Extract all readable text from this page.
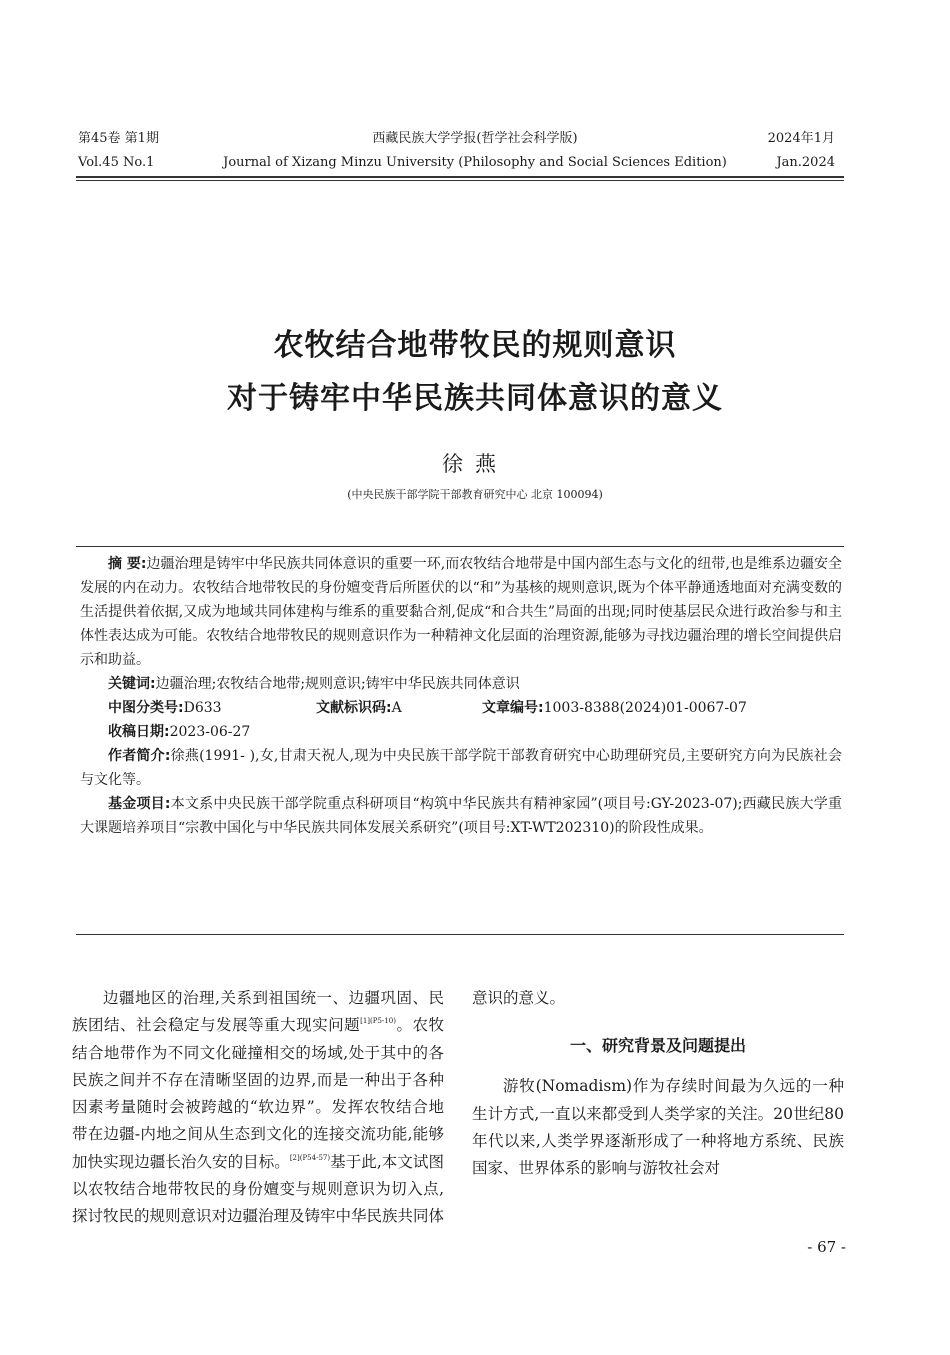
第45卷 第1期	西藏民族大学学报(哲学社会科学版)	2024年1月
Vol.45 No.1	Journal of Xizang Minzu University (Philosophy and Social Sciences Edition)	Jan.2024
农牧结合地带牧民的规则意识
对于铸牢中华民族共同体意识的意义
徐燕
(中央民族干部学院干部教育研究中心 北京 100094)

摘 要:边疆治理是铸牢中华民族共同体意识的重要一环,而农牧结合地带是中国内部生态与文化的纽带,也是维系边疆安全发展的内在动力。农牧结合地带牧民的身份嬗变背后所匿伏的以“和”为基核的规则意识,既为个体平静通透地面对充满变数的生活提供着依据,又成为地域共同体建构与维系的重要黏合剂,促成“和合共生”局面的出现;同时使基层民众进行政治参与和主体性表达成为可能。农牧结合地带牧民的规则意识作为一种精神文化层面的治理资源,能够为寻找边疆治理的增长空间提供启示和助益。

关键词:边疆治理;农牧结合地带;规则意识;铸牢中华民族共同体意识

中图分类号:D633	文献标识码:A	文章编号:1003-8388(2024)01-0067-07

收稿日期:2023-06-27

作者简介:徐燕(1991- ),女,甘肃天祝人,现为中央民族干部学院干部教育研究中心助理研究员,主要研究方向为民族社会与文化等。

基金项目:本文系中央民族干部学院重点科研项目“构筑中华民族共有精神家园”(项目号:GY-2023-07);西藏民族大学重大课题培养项目“宗教中国化与中华民族共同体发展关系研究”(项目号:XT-WT202310)的阶段性成果。

边疆地区的治理,关系到祖国统一、边疆巩固、民族团结、社会稳定与发展等重大现实问题$^{[1](P5-10)}$。农牧结合地带作为不同文化碰撞相交的场域,处于其中的各民族之间并不存在清晰坚固的边界,而是一种出于各种因素考量随时会被跨越的“软边界”。发挥农牧结合地带在边疆-内地之间从生态到文化的连接交流功能,能够加快实现边疆长治久安的目标。$^{[2](P54-57)}$基于此,本文试图以农牧结合地带牧民的身份嬗变与规则意识为切入点,探讨牧民的规则意识对边疆治理及铸牢中华民族共同体

意识的意义。

一、研究背景及问题提出

游牧(Nomadism)作为存续时间最为久远的一种生计方式,一直以来都受到人类学家的关注。20世纪80年代以来,人类学界逐渐形成了一种将地方系统、民族国家、世界体系的影响与游牧社会对

- 67 -
